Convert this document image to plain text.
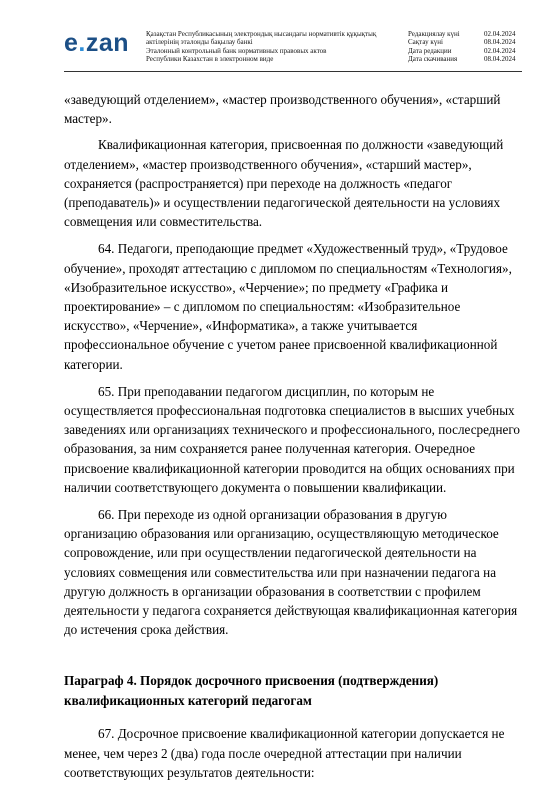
e.zan Қазақстан Республикасының электрондық нысандағы нормативтік құқықтық
актілерінің эталонды бақылау банкі
Эталонный контрольный банк нормативных правовых актов
Республики Казахстан в электронном виде
Редакциялау күні	02.04.2024
Сақтау күні	08.04.2024
Дата редакции	02.04.2024
Дата скачивания	08.04.2024

«заведующий отделением», «мастер производственного обучения», «старший мастер».

Квалификационная категория, присвоенная по должности «заведующий отделением», «мастер производственного обучения», «старший мастер», сохраняется (распространяется) при переходе на должность «педагог (преподаватель)» и осуществлении педагогической деятельности на условиях совмещения или совместительства.

64. Педагоги, преподающие предмет «Художественный труд», «Трудовое обучение», проходят аттестацию с дипломом по специальностям «Технология», «Изобразительное искусство», «Черчение»; по предмету «Графика и проектирование» – с дипломом по специальностям: «Изобразительное искусство», «Черчение», «Информатика», а также учитывается профессиональное обучение с учетом ранее присвоенной квалификационной категории.

65. При преподавании педагогом дисциплин, по которым не осуществляется профессиональная подготовка специалистов в высших учебных заведениях или организациях технического и профессионального, послесреднего образования, за ним сохраняется ранее полученная категория. Очередное присвоение квалификационной категории проводится на общих основаниях при наличии соответствующего документа о повышении квалификации.

66. При переходе из одной организации образования в другую организацию образования или организацию, осуществляющую методическое сопровождение, или при осуществлении педагогической деятельности на условиях совмещения или совместительства или при назначении педагога на другую должность в организации образования в соответствии с профилем деятельности у педагога сохраняется действующая квалификационная категория до истечения срока действия.

Параграф 4. Порядок досрочного присвоения (подтверждения) квалификационных категорий педагогам

67. Досрочное присвоение квалификационной категории допускается не менее, чем через 2 (два) года после очередной аттестации при наличии соответствующих результатов деятельности:
